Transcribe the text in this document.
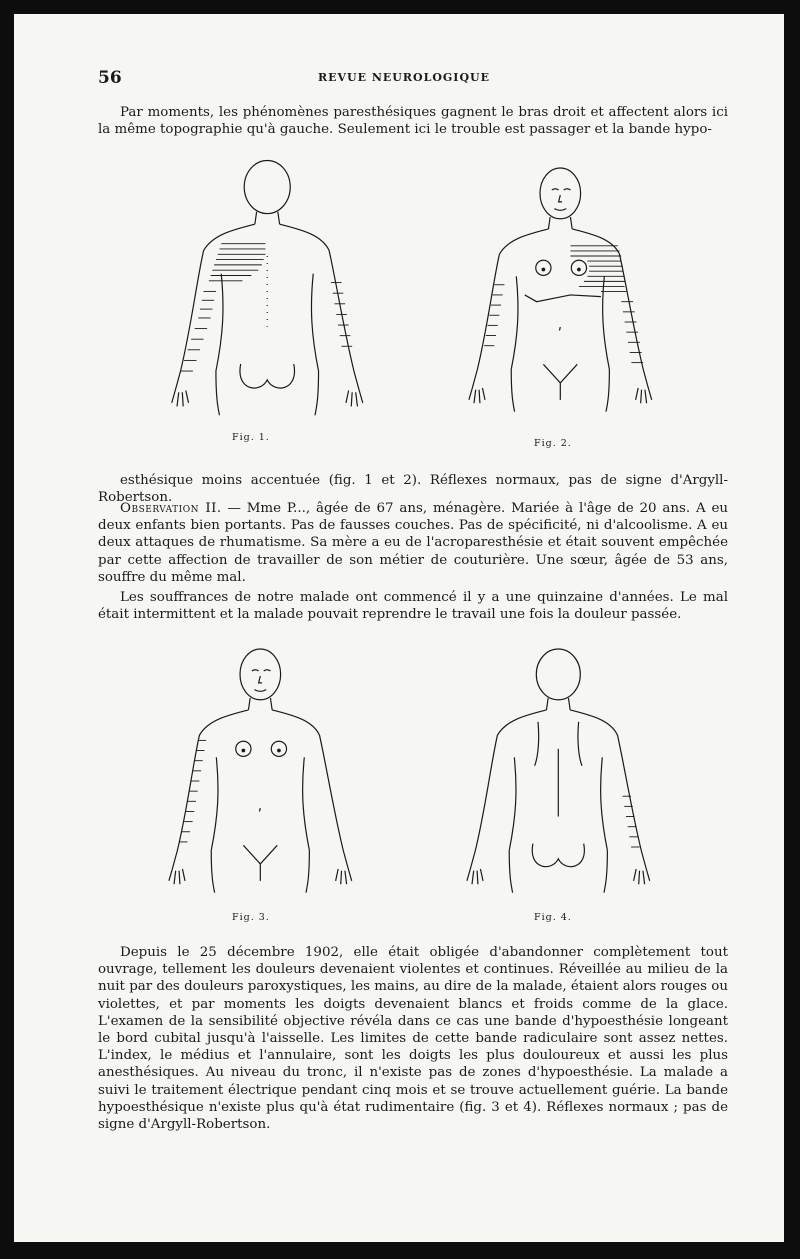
56	REVUE NEUROLOGIQUE

Par moments, les phénomènes paresthésiques gagnent le bras droit et affectent alors ici la même topographie qu'à gauche. Seulement ici le trouble est passager et la bande hypo-

Fig. 1.
Fig. 2.

esthésique moins accentuée (fig. 1 et 2). Réflexes normaux, pas de signe d'Argyll-Robertson.

Observation II. — Mme P..., âgée de 67 ans, ménagère. Mariée à l'âge de 20 ans. A eu deux enfants bien portants. Pas de fausses couches. Pas de spécificité, ni d'alcoolisme. A eu deux attaques de rhumatisme. Sa mère a eu de l'acroparesthésie et était souvent empêchée par cette affection de travailler de son métier de couturière. Une sœur, âgée de 53 ans, souffre du même mal.

Les souffrances de notre malade ont commencé il y a une quinzaine d'années. Le mal était intermittent et la malade pouvait reprendre le travail une fois la douleur passée.

Fig. 3.	Fig. 4.

Depuis le 25 décembre 1902, elle était obligée d'abandonner complètement tout ouvrage, tellement les douleurs devenaient violentes et continues. Réveillée au milieu de la nuit par des douleurs paroxystiques, les mains, au dire de la malade, étaient alors rouges ou violettes, et par moments les doigts devenaient blancs et froids comme de la glace. L'examen de la sensibilité objective révéla dans ce cas une bande d'hypoesthésie longeant le bord cubital jusqu'à l'aisselle. Les limites de cette bande radiculaire sont assez nettes. L'index, le médius et l'annulaire, sont les doigts les plus douloureux et aussi les plus anesthésiques. Au niveau du tronc, il n'existe pas de zones d'hypoesthésie. La malade a suivi le traitement électrique pendant cinq mois et se trouve actuellement guérie. La bande hypoesthésique n'existe plus qu'à état rudimentaire (fig. 3 et 4). Réflexes normaux ; pas de signe d'Argyll-Robertson.
